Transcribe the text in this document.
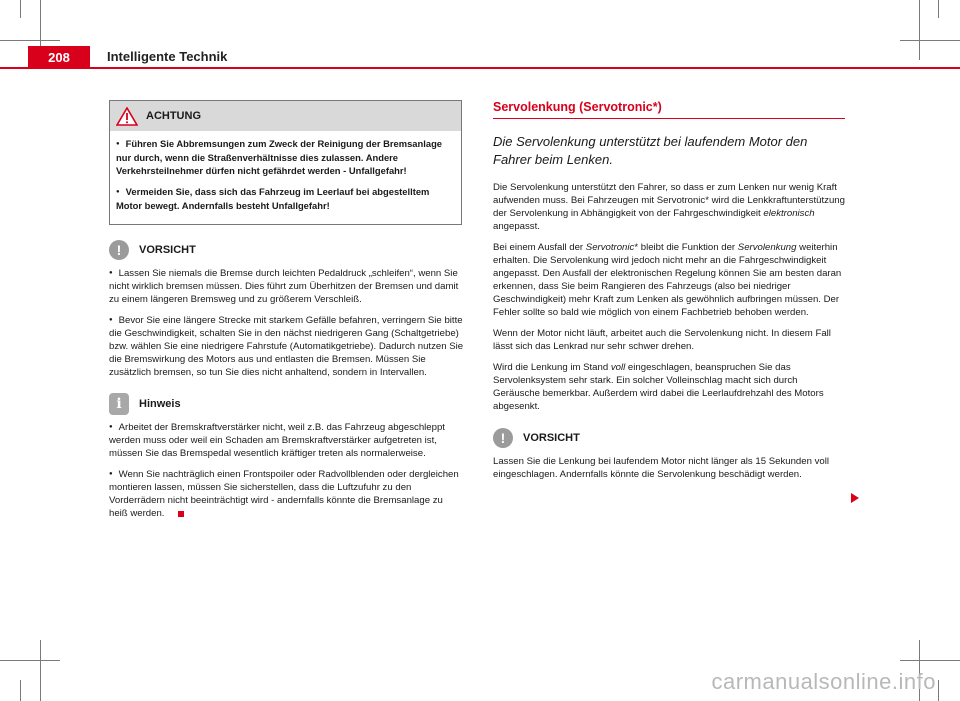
208	Intelligente Technik
ACHTUNG

● Führen Sie Abbremsungen zum Zweck der Reinigung der Bremsanlage nur durch, wenn die Straßenverhältnisse dies zulassen. Andere Verkehrsteilnehmer dürfen nicht gefährdet werden - Unfallgefahr!

● Vermeiden Sie, dass sich das Fahrzeug im Leerlauf bei abgestelltem Motor bewegt. Andernfalls besteht Unfallgefahr!

!	VORSICHT

● Lassen Sie niemals die Bremse durch leichten Pedaldruck „schleifen“, wenn Sie nicht wirklich bremsen müssen. Dies führt zum Überhitzen der Bremsen und damit zu einem längeren Bremsweg und zu größerem Verschleiß.

● Bevor Sie eine längere Strecke mit starkem Gefälle befahren, verringern Sie bitte die Geschwindigkeit, schalten Sie in den nächst niedrigeren Gang (Schaltgetriebe) bzw. wählen Sie eine niedrigere Fahrstufe (Automatikgetriebe). Dadurch nutzen Sie die Bremswirkung des Motors aus und entlasten die Bremsen. Müssen Sie zusätzlich bremsen, so tun Sie dies nicht anhaltend, sondern in Intervallen.

i	Hinweis

● Arbeitet der Bremskraftverstärker nicht, weil z.B. das Fahrzeug abgeschleppt werden muss oder weil ein Schaden am Bremskraftverstärker aufgetreten ist, müssen Sie das Bremspedal wesentlich kräftiger treten als normalerweise.

● Wenn Sie nachträglich einen Frontspoiler oder Radvollblenden oder dergleichen montieren lassen, müssen Sie sicherstellen, dass die Luftzufuhr zu den Vorderrädern nicht beeinträchtigt wird - andernfalls könnte die Bremsanlage zu heiß werden.

Servolenkung (Servotronic*)

Die Servolenkung unterstützt bei laufendem Motor den Fahrer beim Lenken.

Die Servolenkung unterstützt den Fahrer, so dass er zum Lenken nur wenig Kraft aufwenden muss. Bei Fahrzeugen mit Servotronic* wird die Lenkkraftunterstützung der Servolenkung in Abhängigkeit von der Fahrgeschwindigkeit elektronisch angepasst.

Bei einem Ausfall der Servotronic* bleibt die Funktion der Servolenkung weiterhin erhalten. Die Servolenkung wird jedoch nicht mehr an die Fahrgeschwindigkeit angepasst. Den Ausfall der elektronischen Regelung können Sie am besten daran erkennen, dass Sie beim Rangieren des Fahrzeugs (also bei niedriger Geschwindigkeit) mehr Kraft zum Lenken als gewöhnlich aufbringen müssen. Der Fehler sollte so bald wie möglich von einem Fachbetrieb behoben werden.

Wenn der Motor nicht läuft, arbeitet auch die Servolenkung nicht. In diesem Fall lässt sich das Lenkrad nur sehr schwer drehen.

Wird die Lenkung im Stand voll eingeschlagen, beanspruchen Sie das Servolenksystem sehr stark. Ein solcher Volleinschlag macht sich durch Geräusche bemerkbar. Außerdem wird dabei die Leerlaufdrehzahl des Motors abgesenkt.

!	VORSICHT

Lassen Sie die Lenkung bei laufendem Motor nicht länger als 15 Sekunden voll eingeschlagen. Andernfalls könnte die Servolenkung beschädigt werden.

carmanualsonline.info
